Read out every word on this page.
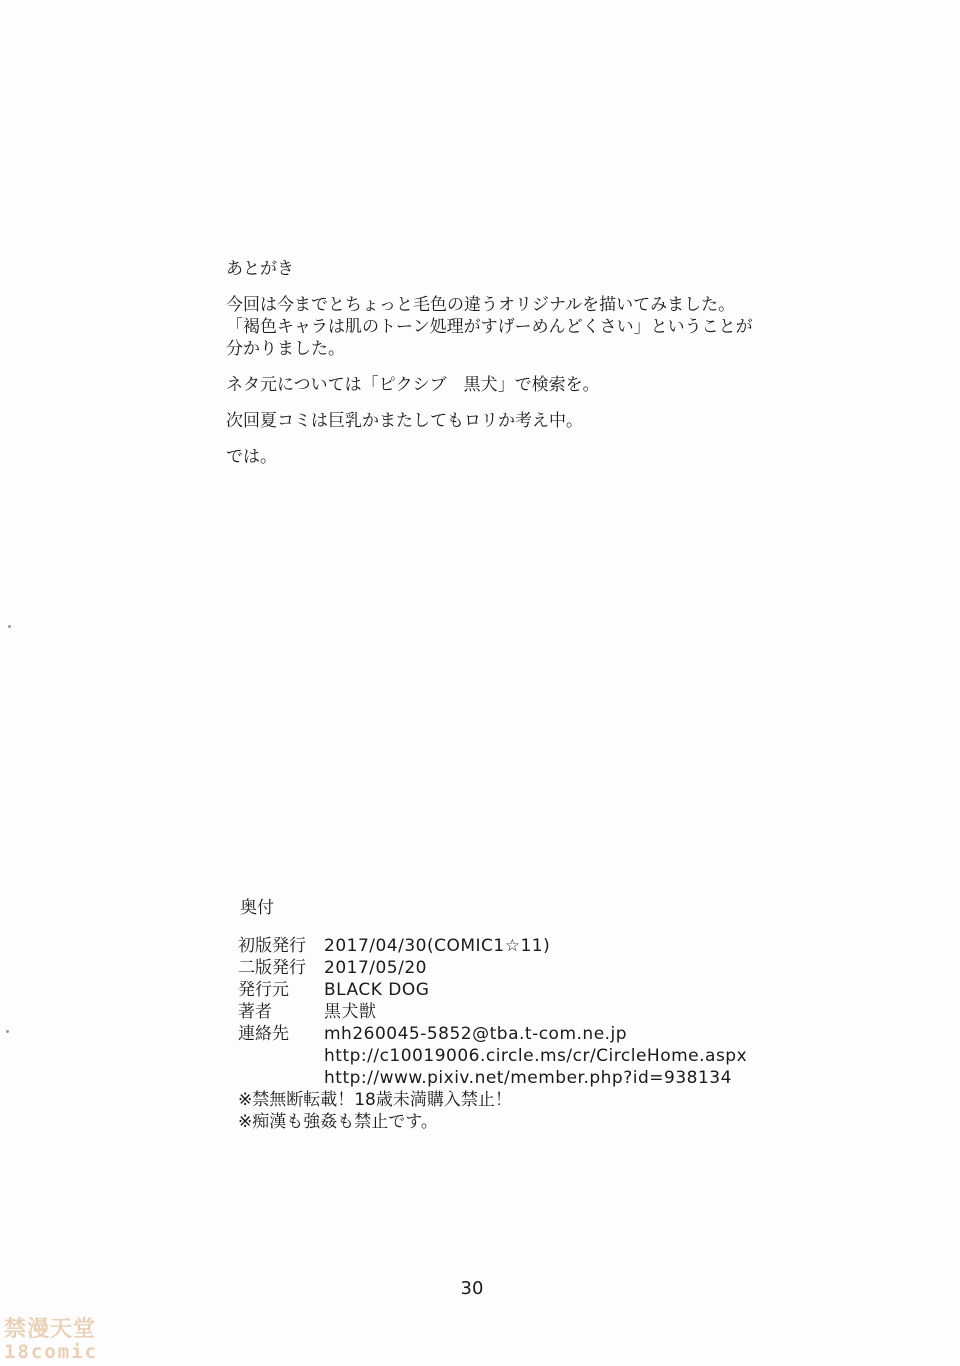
あとがき
今回は今までとちょっと毛色の違うオリジナルを描いてみました。
「褐色キャラは肌のトーン処理がすげーめんどくさい」ということが
分かりました。
ネタ元については「ピクシブ　黒犬」で検索を。
次回夏コミは巨乳かまたしてもロリか考え中。
では。
奥付
初版発行	2017/04/30(COMIC1☆11)
二版発行	2017/05/20
発行元	BLACK DOG
著者	黒犬獣
連絡先	mh260045-5852@tba.t-com.ne.jp
http://c10019006.circle.ms/cr/CircleHome.aspx
http://www.pixiv.net/member.php?id=938134
※禁無断転載！18歳未満購入禁止！
※痴漢も強姦も禁止です。
30
禁漫天堂
18comic
